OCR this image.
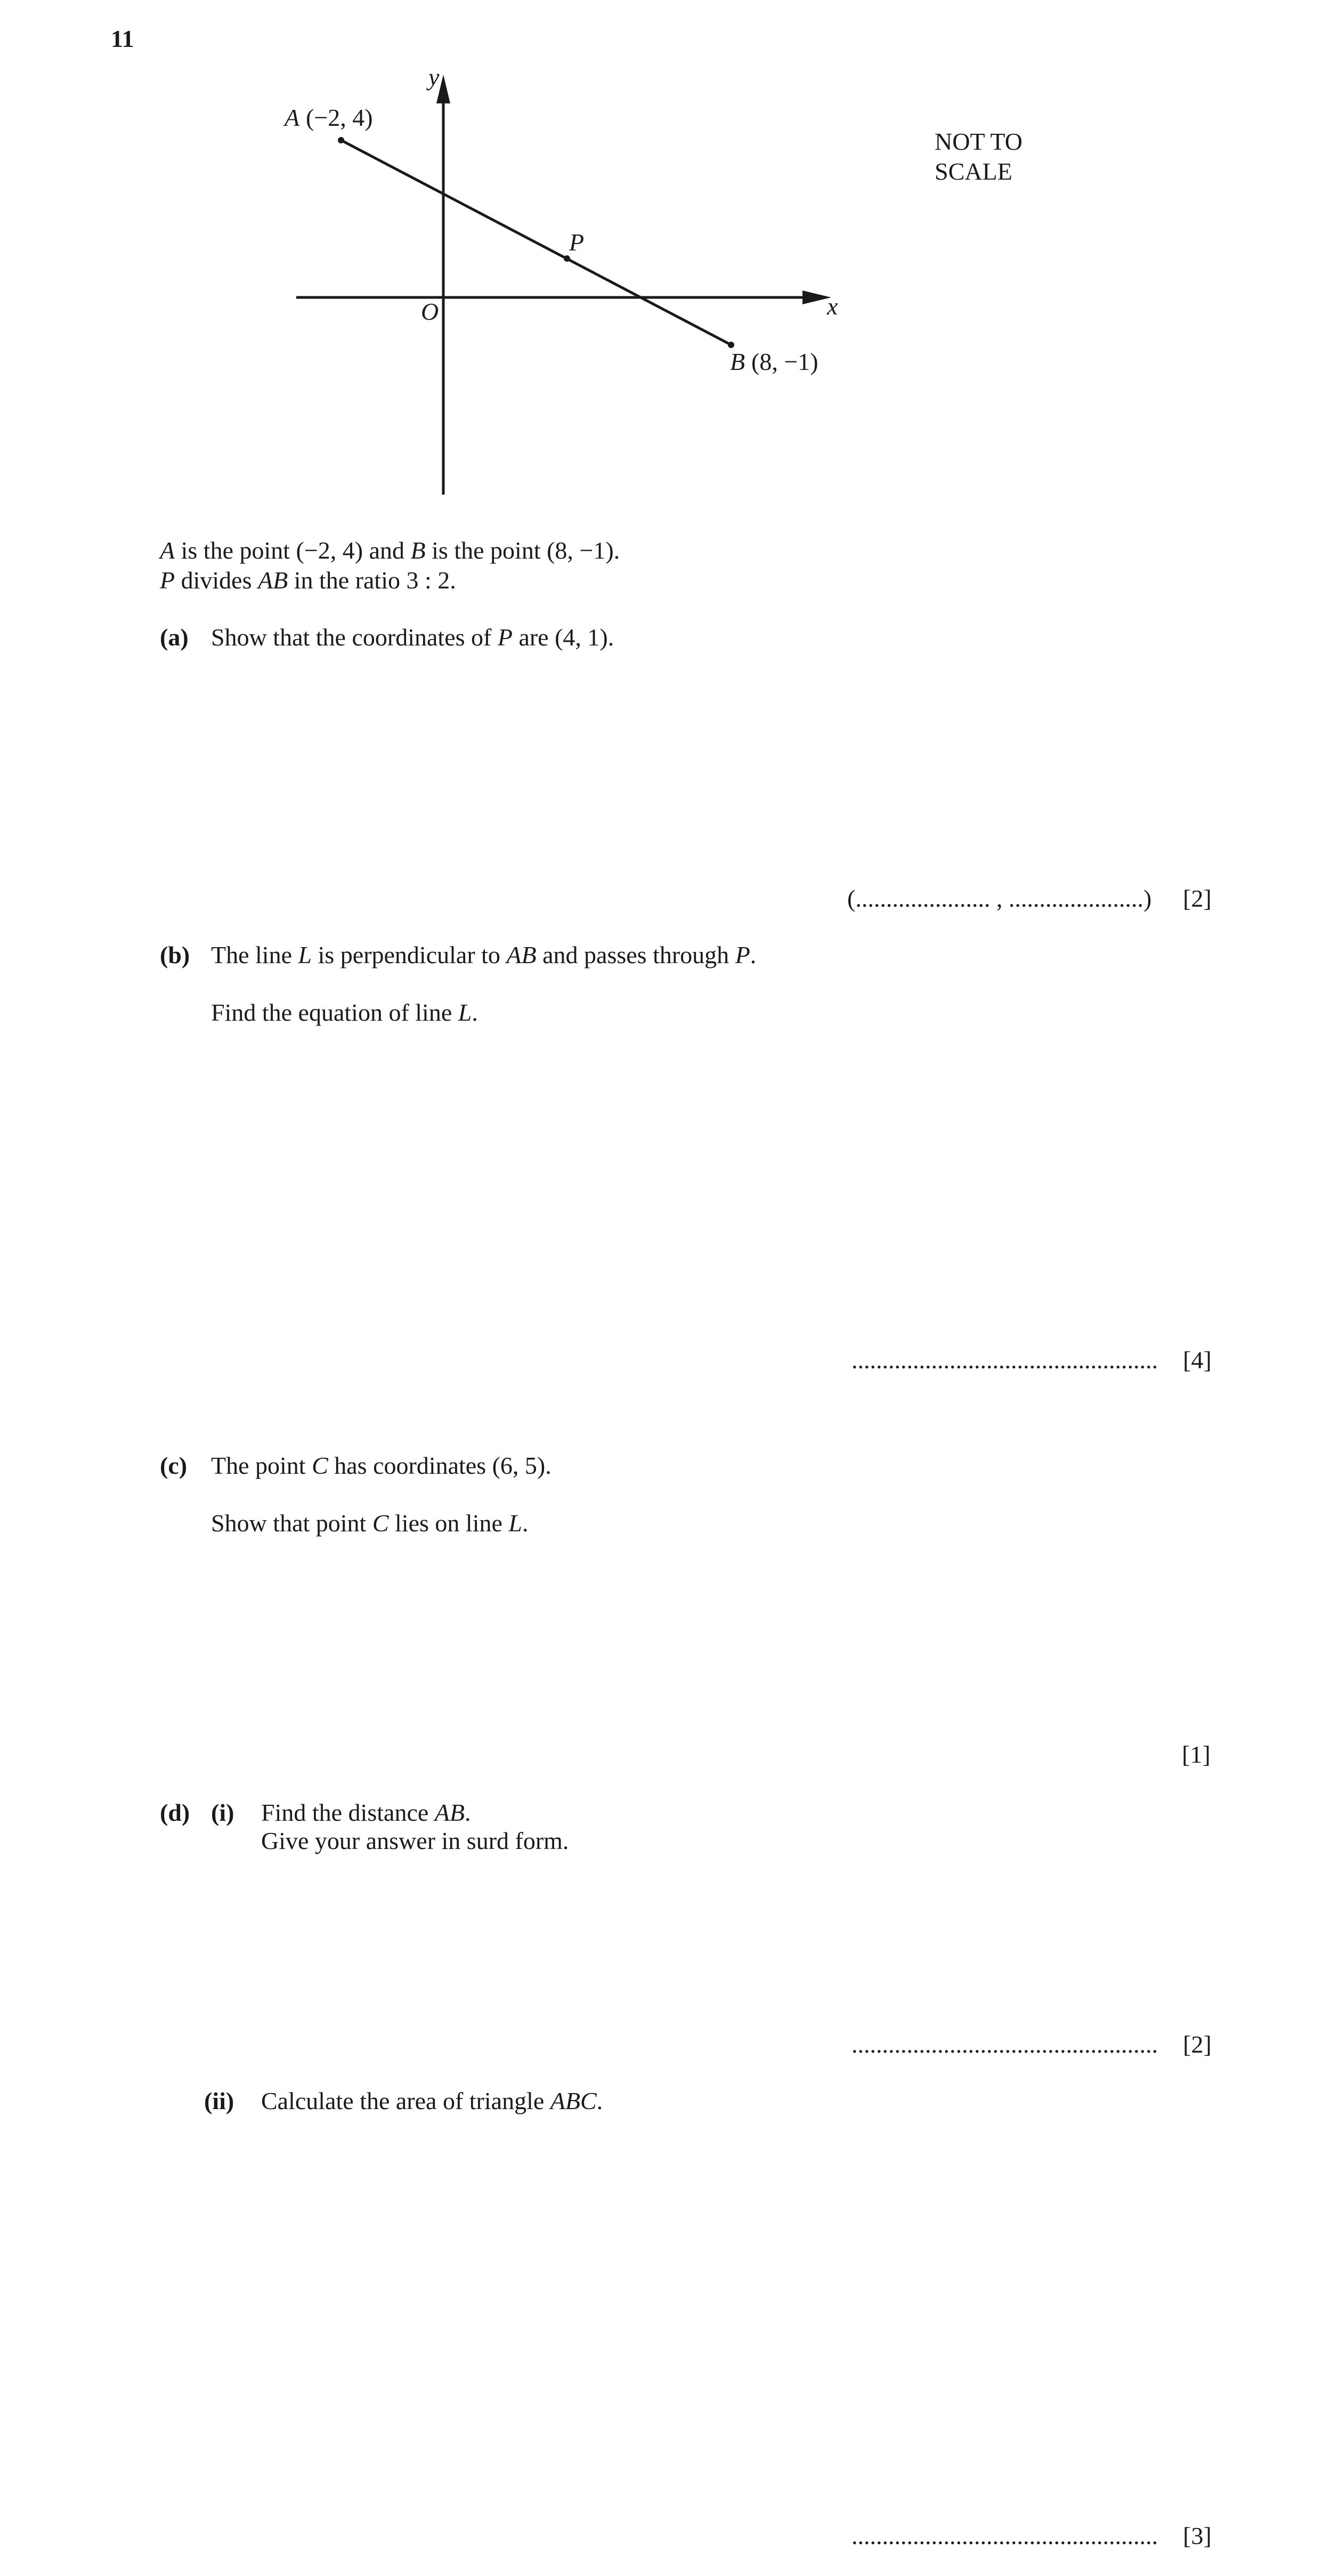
11
y
x
O
P
A (−2, 4)
B (8, −1)
NOT TO
SCALE
A is the point (−2, 4) and B is the point (8, −1).
P divides AB in the ratio 3 : 2.
(a) Show that the coordinates of P are (4, 1).
(...................... , ......................) [2]
(b) The line L is perpendicular to AB and passes through P.
Find the equation of line L.
.................................................. [4]
(c) The point C has coordinates (6, 5).
Show that point C lies on line L.
[1]
(d) (i) Find the distance AB.
Give your answer in surd form.
.................................................. [2]
(ii) Calculate the area of triangle ABC.
.................................................. [3]
